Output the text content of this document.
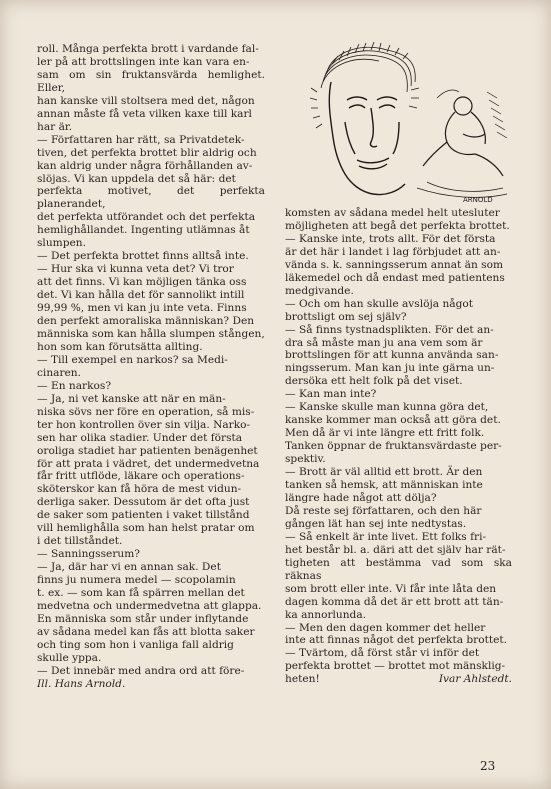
ARNOLD

roll. Många perfekta brott i vardande fal-

ler på att brottslingen inte kan vara en-

sam om sin fruktansvärda hemlighet. Eller,

han kanske vill stoltsera med det, någon

annan måste få veta vilken kaxe till karl

har är.

— Författaren har rätt, sa Privatdetek-

tiven, det perfekta brottet blir aldrig och

kan aldrig under några förhållanden av-

slöjas. Vi kan uppdela det så här: det

perfekta motivet, det perfekta planerandet,

det perfekta utförandet och det perfekta

hemlighållandet. Ingenting utlämnas åt

slumpen.

— Det perfekta brottet finns alltså inte.

— Hur ska vi kunna veta det? Vi tror

att det finns. Vi kan möjligen tänka oss

det. Vi kan hålla det för sannolikt intill

99,99 %, men vi kan ju inte veta. Finns

den perfekt amoraliska människan? Den

människa som kan hålla slumpen stången,

hon som kan förutsätta allting.

— Till exempel en narkos? sa Medi-

cinaren.

— En narkos?

— Ja, ni vet kanske att när en män-

niska sövs ner före en operation, så mis-

ter hon kontrollen över sin vilja. Narko-

sen har olika stadier. Under det första

oroliga stadiet har patienten benägenhet

för att prata i vädret, det undermedvetna

får fritt utflöde, läkare och operations-

sköterskor kan få höra de mest vidun-

derliga saker. Dessutom är det ofta just

de saker som patienten i vaket tillstånd

vill hemlighålla som han helst pratar om

i det tillståndet.

— Sanningsserum?

— Ja, där har vi en annan sak. Det

finns ju numera medel — scopolamin

t. ex. — som kan få spärren mellan det

medvetna och undermedvetna att glappa.

En människa som står under inflytande

av sådana medel kan fås att blotta saker

och ting som hon i vanliga fall aldrig

skulle yppa.

— Det innebär med andra ord att före-

Ill. Hans Arnold.

komsten av sådana medel helt utesluter

möjligheten att begå det perfekta brottet.

— Kanske inte, trots allt. För det första

är det här i landet i lag förbjudet att an-

vända s. k. sanningsserum annat än som

läkemedel och då endast med patientens

medgivande.

— Och om han skulle avslöja något

brottsligt om sej själv?

— Så finns tystnadsplikten. För det an-

dra så måste man ju ana vem som är

brottslingen för att kunna använda san-

ningsserum. Man kan ju inte gärna un-

dersöka ett helt folk på det viset.

— Kan man inte?

— Kanske skulle man kunna göra det,

kanske kommer man också att göra det.

Men då är vi inte längre ett fritt folk.

Tanken öppnar de fruktansvärdaste per-

spektiv.

— Brott är väl alltid ett brott. Är den

tanken så hemsk, att människan inte

längre hade något att dölja?

Då reste sej författaren, och den här

gången lät han sej inte nedtystas.

— Så enkelt är inte livet. Ett folks fri-

het består bl. a. däri att det själv har rät-

tigheten att bestämma vad som ska räknas

som brott eller inte. Vi får inte låta den

dagen komma då det är ett brott att tän-

ka annorlunda.

— Men den dagen kommer det heller

inte att finnas något det perfekta brottet.

— Tvärtom, då först står vi inför det

perfekta brottet — brottet mot mänsklig-

heten!	Ivar Ahlstedt.

23
